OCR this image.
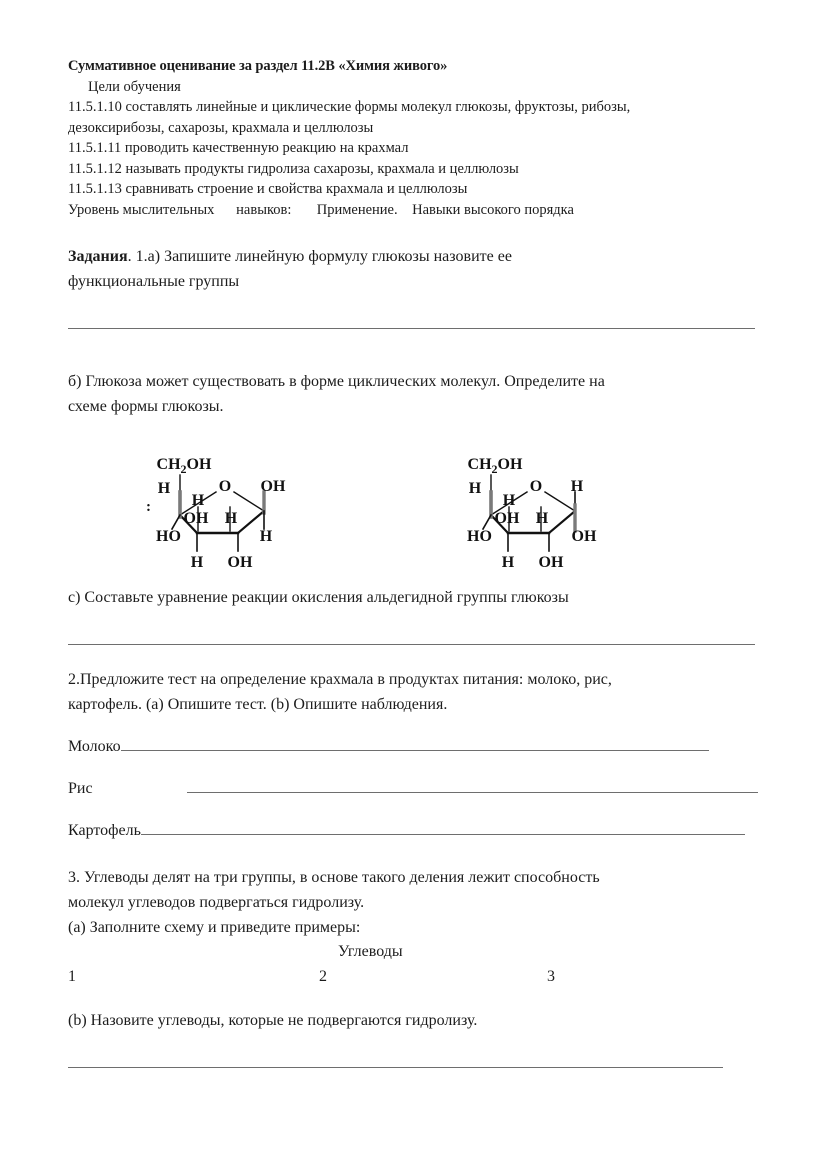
Суммативное оценивание за раздел 11.2В «Химия живого»

Цели обучения

11.5.1.10 составлять линейные и циклические формы молекул глюкозы, фруктозы, рибозы,

дезоксирибозы, сахарозы, крахмала и целлюлозы

11.5.1.11 проводить качественную реакцию на крахмал

11.5.1.12 называть продукты гидролиза сахарозы, крахмала и целлюлозы

11.5.1.13 сравнивать строение и свойства крахмала и целлюлозы

Уровень мыслительных      навыков:       Применение.    Навыки высокого порядка

Задания. 1.а) Запишите линейную формулу глюкозы назовите ее

функциональные группы

б) Глюкоза может существовать в форме циклических молекул. Определите на

схеме формы глюкозы.

$CH_2OH$
O
H
H
OH H
OH
HO	H
H OH
:
$CH_2OH$
O
H
H
OH H
H
HO	OH
H OH

с) Составьте уравнение реакции окисления альдегидной группы глюкозы

2.Предложите тест на определение крахмала в продуктах питания: молоко, рис,

картофель. (a) Опишите тест. (b) Опишите наблюдения.

Молоко

Рис

Картофель

3. Углеводы делят на три группы, в основе такого деления лежит способность

молекул углеводов подвергаться гидролизу.

(a) Заполните схему и приведите примеры:

Углеводы
1	2	3

(b) Назовите углеводы, которые не подвергаются гидролизу.
